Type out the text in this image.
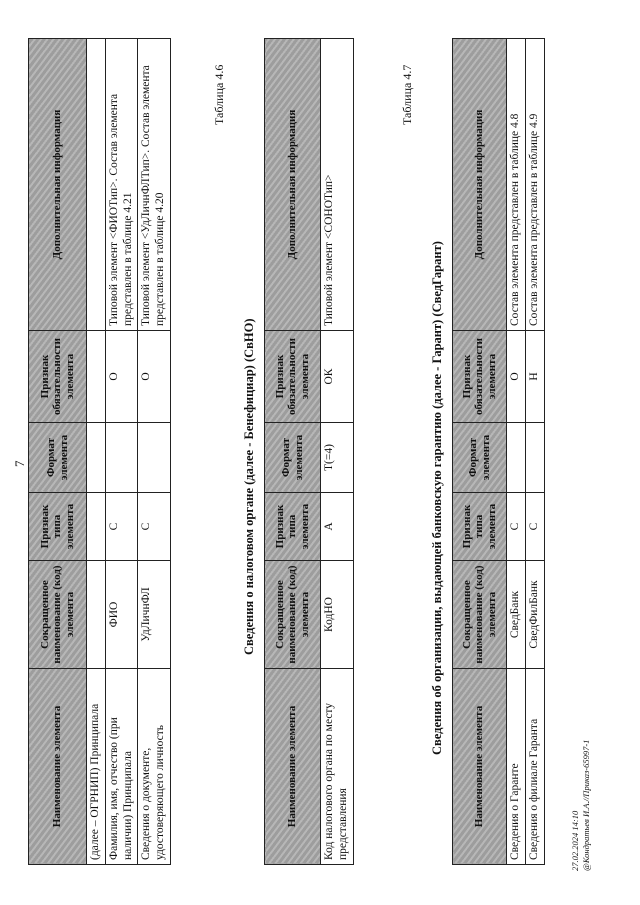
7
Наименование элемента	Сокращенное наименование (код) элемента	Признак типа элемента	Формат элемента	Признак обязательности элемента	Дополнительная информация
(далее – ОГРНИП) Принципала					
Фамилия, имя, отчество (при наличии) Принципала	ФИО	С		О	Типовой элемент <ФИОТип>. Состав элемента представлен в таблице 4.21
Сведения о документе, удостоверяющего личность	УдЛичнФЛ	С		О	Типовой элемент <УдЛичнФЛТип>. Состав элемента представлен в таблице 4.20
Таблица 4.6
Сведения о налоговом органе (далее - Бенефициар) (СвНО)
Наименование элемента	Сокращенное наименование (код) элемента	Признак типа элемента	Формат элемента	Признак обязательности элемента	Дополнительная информация
Код налогового органа по месту представления	КодНО	А	T(=4)	ОК	Типовой элемент <СОНОТип>
Таблица 4.7
Сведения об организации, выдающей банковскую гарантию (далее - Гарант) (СведГарант)
Наименование элемента	Сокращенное наименование (код) элемента	Признак типа элемента	Формат элемента	Признак обязательности элемента	Дополнительная информация
Сведения о Гаранте	СведБанк	С		О	Состав элемента представлен в таблице 4.8
Сведения о филиале Гаранта	СведФилБанк	С		Н	Состав элемента представлен в таблице 4.9
27.02.2024 14:10 @Кондратьев И.А.//Приказ-65997-1
